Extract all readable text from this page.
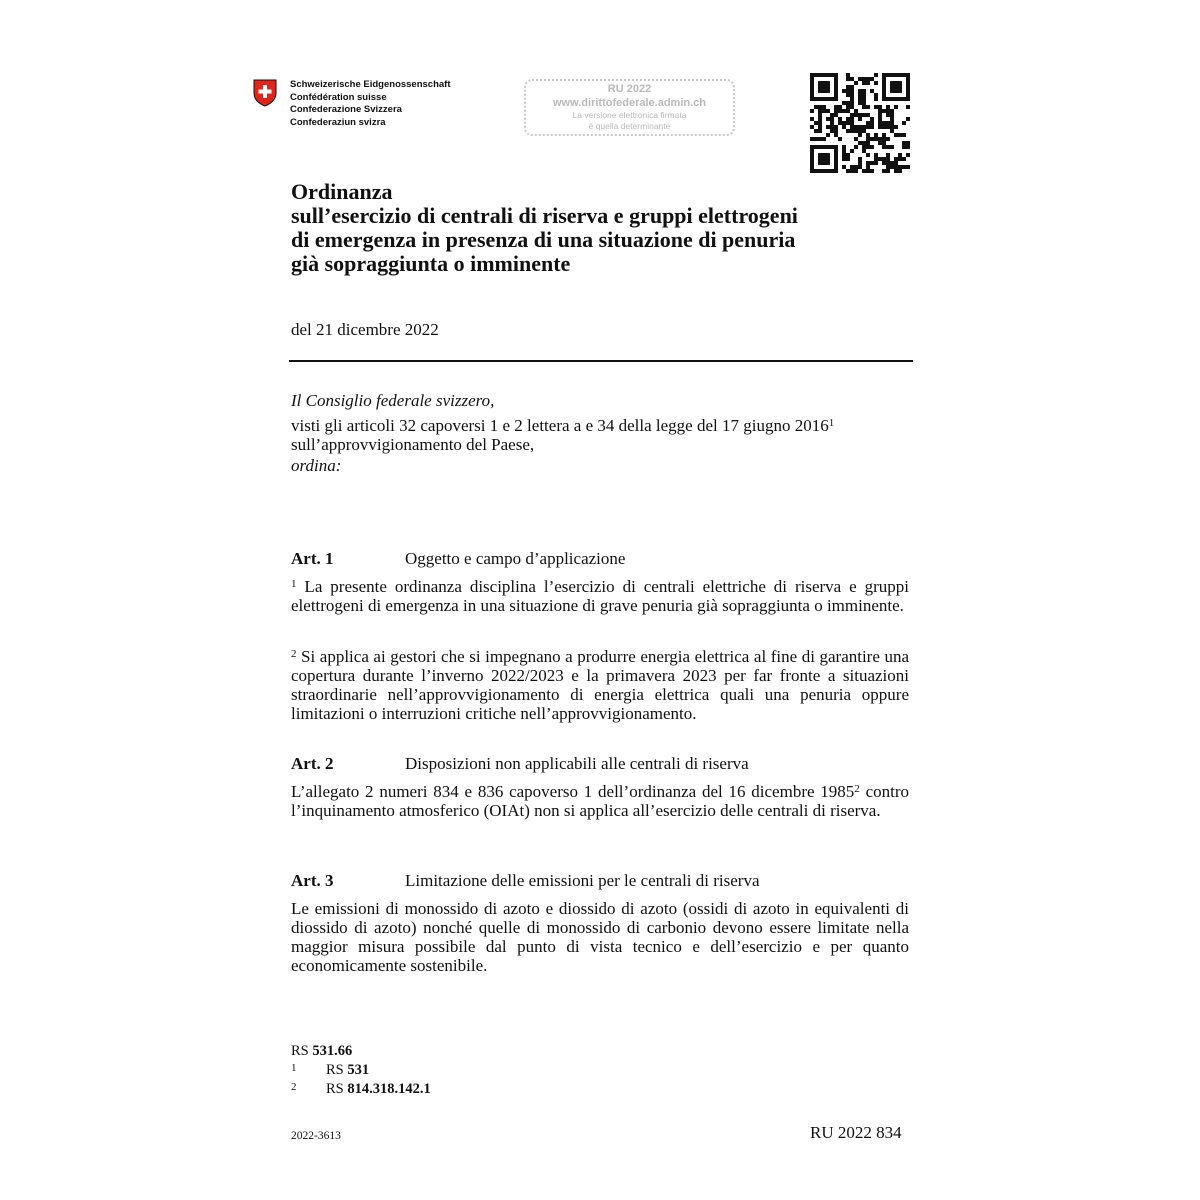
Schweizerische Eidgenossenschaft
Confédération suisse
Confederazione Svizzera
Confederaziun svizra
RU 2022
www.dirittofederale.admin.ch
La versione elettronica firmata
è quella determinante
Ordinanza
sull’esercizio di centrali di riserva e gruppi elettrogeni
di emergenza in presenza di una situazione di penuria
già sopraggiunta o imminente
del 21 dicembre 2022

Il Consiglio federale svizzero,

visti gli articoli 32 capoversi 1 e 2 lettera a e 34 della legge del 17 giugno 2016$^1$
sull’approvvigionamento del Paese,

ordina:

Art. 1	Oggetto e campo d’applicazione
$^1$ La presente ordinanza disciplina l’esercizio di centrali elettriche di riserva e gruppi elettrogeni di emergenza in una situazione di grave penuria già sopraggiunta o imminente.
$^2$ Si applica ai gestori che si impegnano a produrre energia elettrica al fine di garantire una copertura durante l’inverno 2022/2023 e la primavera 2023 per far fronte a situazioni straordinarie nell’approvvigionamento di energia elettrica quali una penuria oppure limitazioni o interruzioni critiche nell’approvvigionamento.
Art. 2	Disposizioni non applicabili alle centrali di riserva
L’allegato 2 numeri 834 e 836 capoverso 1 dell’ordinanza del 16 dicembre 1985$^2$ contro l’inquinamento atmosferico (OIAt) non si applica all’esercizio delle centrali di riserva.
Art. 3	Limitazione delle emissioni per le centrali di riserva
Le emissioni di monossido di azoto e diossido di azoto (ossidi di azoto in equivalenti di diossido di azoto) nonché quelle di monossido di carbonio devono essere limitate nella maggior misura possibile dal punto di vista tecnico e dell’esercizio e per quanto economicamente sostenibile.
RS 531.66
1 RS 531
2 RS 814.318.142.1
2022-3613	RU 2022 834
